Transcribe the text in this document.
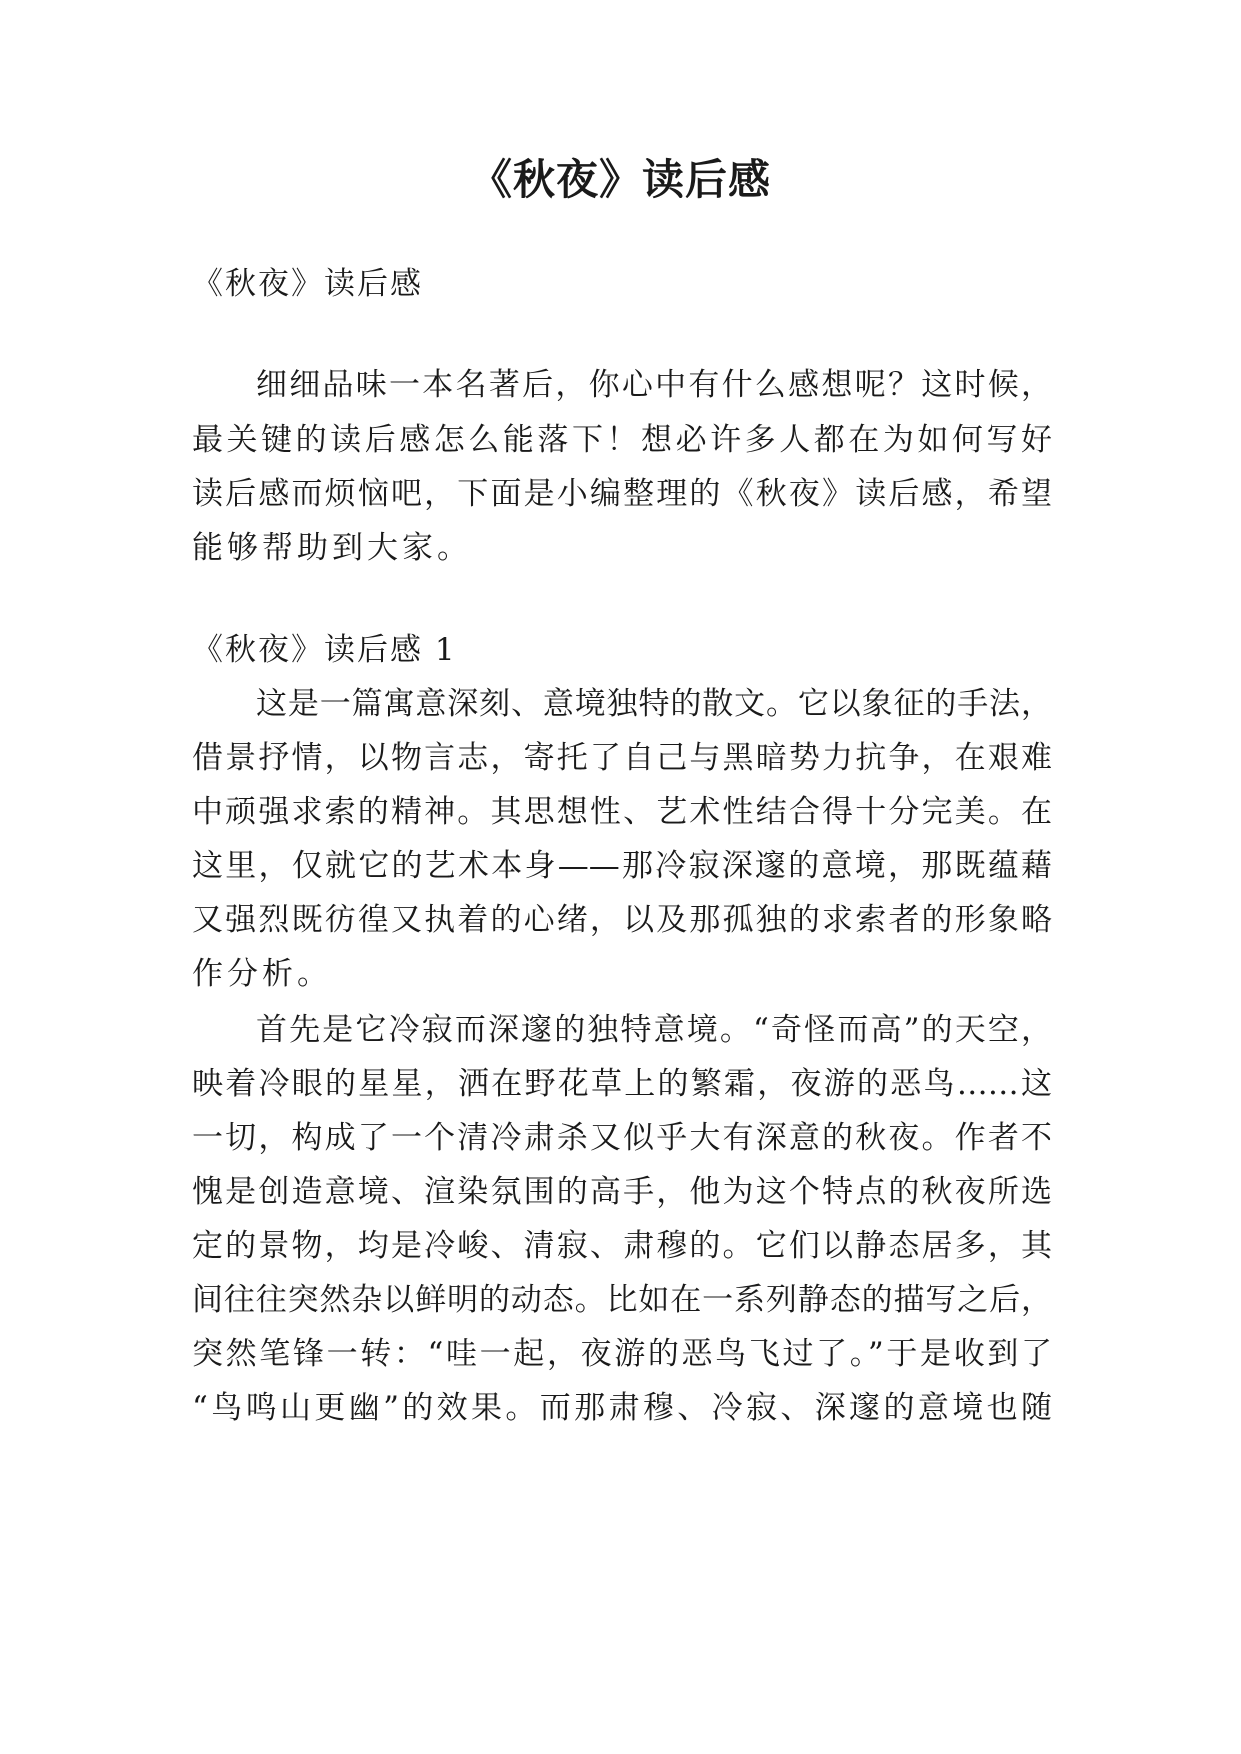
《秋夜》读后感
《秋夜》读后感
细细品味一本名著后，你心中有什么感想呢？这时候，
最关键的读后感怎么能落下！想必许多人都在为如何写好
读后感而烦恼吧，下面是小编整理的《秋夜》读后感，希望
能够帮助到大家。
《秋夜》读后感 1
这是一篇寓意深刻、意境独特的散文。它以象征的手法，
借景抒情，以物言志，寄托了自己与黑暗势力抗争，在艰难
中顽强求索的精神。其思想性、艺术性结合得十分完美。在
这里，仅就它的艺术本身——那冷寂深邃的意境，那既蕴藉
又强烈既彷徨又执着的心绪，以及那孤独的求索者的形象略
作分析。
首先是它冷寂而深邃的独特意境。“奇怪而高”的天空，
映着冷眼的星星，洒在野花草上的繁霜，夜游的恶鸟……这
一切，构成了一个清冷肃杀又似乎大有深意的秋夜。作者不
愧是创造意境、渲染氛围的高手，他为这个特点的秋夜所选
定的景物，均是冷峻、清寂、肃穆的。它们以静态居多，其
间往往突然杂以鲜明的动态。比如在一系列静态的描写之后，
突然笔锋一转：“哇一起，夜游的恶鸟飞过了。”于是收到了
“鸟鸣山更幽”的效果。而那肃穆、冷寂、深邃的意境也随
